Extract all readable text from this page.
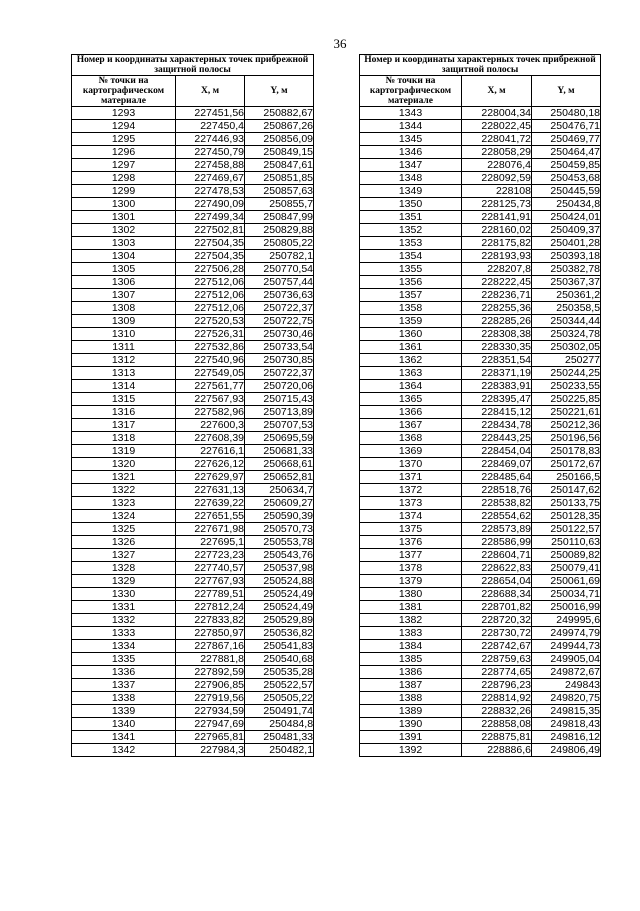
36
Номер и координаты характерных точек прибрежной защитной полосы		
№ точки на картографическом материале	X, м	Y, м
1293	227451,56	250882,67
1294	227450,4	250867,26
1295	227446,93	250856,09
1296	227450,79	250849,15
1297	227458,88	250847,61
1298	227469,67	250851,85
1299	227478,53	250857,63
1300	227490,09	250855,7
1301	227499,34	250847,99
1302	227502,81	250829,88
1303	227504,35	250805,22
1304	227504,35	250782,1
1305	227506,28	250770,54
1306	227512,06	250757,44
1307	227512,06	250736,63
1308	227512,06	250722,37
1309	227520,53	250722,75
1310	227526,31	250730,46
1311	227532,86	250733,54
1312	227540,96	250730,85
1313	227549,05	250722,37
1314	227561,77	250720,06
1315	227567,93	250715,43
1316	227582,96	250713,89
1317	227600,3	250707,53
1318	227608,39	250695,59
1319	227616,1	250681,33
1320	227626,12	250668,61
1321	227629,97	250652,81
1322	227631,13	250634,7
1323	227639,22	250609,27
1324	227651,55	250590,39
1325	227671,98	250570,73
1326	227695,1	250553,78
1327	227723,23	250543,76
1328	227740,57	250537,98
1329	227767,93	250524,88
1330	227789,51	250524,49
1331	227812,24	250524,49
1332	227833,82	250529,89
1333	227850,97	250536,82
1334	227867,16	250541,83
1335	227881,8	250540,68
1336	227892,59	250535,28
1337	227906,85	250522,57
1338	227919,56	250505,22
1339	227934,59	250491,74
1340	227947,69	250484,8
1341	227965,81	250481,33
1342	227984,3	250482,1
Номер и координаты характерных точек прибрежной защитной полосы		
№ точки на картографическом материале	X, м	Y, м
1343	228004,34	250480,18
1344	228022,45	250476,71
1345	228041,72	250469,77
1346	228058,29	250464,47
1347	228076,4	250459,85
1348	228092,59	250453,68
1349	228108	250445,59
1350	228125,73	250434,8
1351	228141,91	250424,01
1352	228160,02	250409,37
1353	228175,82	250401,28
1354	228193,93	250393,18
1355	228207,8	250382,78
1356	228222,45	250367,37
1357	228236,71	250361,2
1358	228255,36	250358,5
1359	228285,26	250344,44
1360	228308,38	250324,78
1361	228330,35	250302,05
1362	228351,54	250277
1363	228371,19	250244,25
1364	228383,91	250233,55
1365	228395,47	250225,85
1366	228415,12	250221,61
1367	228434,78	250212,36
1368	228443,25	250196,56
1369	228454,04	250178,83
1370	228469,07	250172,67
1371	228485,64	250166,5
1372	228518,76	250147,62
1373	228538,82	250133,75
1374	228554,62	250128,35
1375	228573,89	250122,57
1376	228586,99	250110,63
1377	228604,71	250089,82
1378	228622,83	250079,41
1379	228654,04	250061,69
1380	228688,34	250034,71
1381	228701,82	250016,99
1382	228720,32	249995,6
1383	228730,72	249974,79
1384	228742,67	249944,73
1385	228759,63	249905,04
1386	228774,65	249872,67
1387	228796,23	249843
1388	228814,92	249820,75
1389	228832,26	249815,35
1390	228858,08	249818,43
1391	228875,81	249816,12
1392	228886,6	249806,49
